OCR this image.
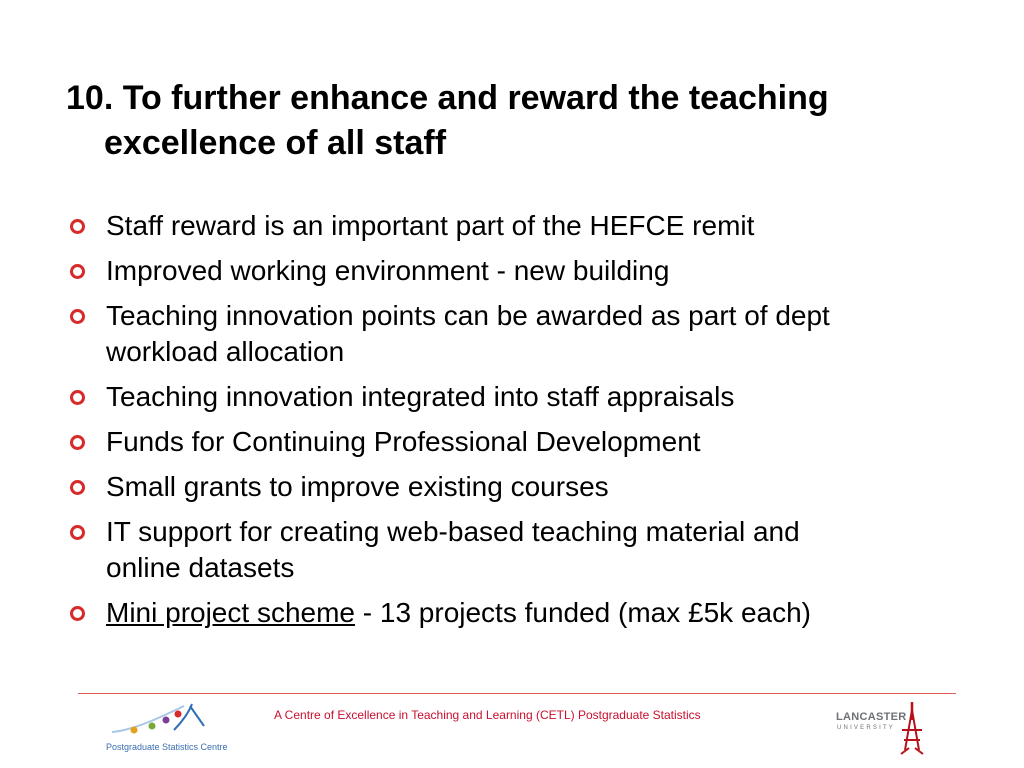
10. To further enhance and reward the teaching
excellence of all staff
Staff reward is an important part of the HEFCE remit
Improved working environment - new building
Teaching innovation points can be awarded as part of dept
workload allocation
Teaching innovation integrated into staff appraisals
Funds for Continuing Professional Development
Small grants to improve existing courses
IT support for creating web-based teaching material and
online datasets
Mini project scheme - 13 projects funded (max £5k each)
Postgraduate Statistics Centre
A Centre of Excellence in Teaching and Learning (CETL) Postgraduate Statistics	LANCASTER
UNIVERSITY
